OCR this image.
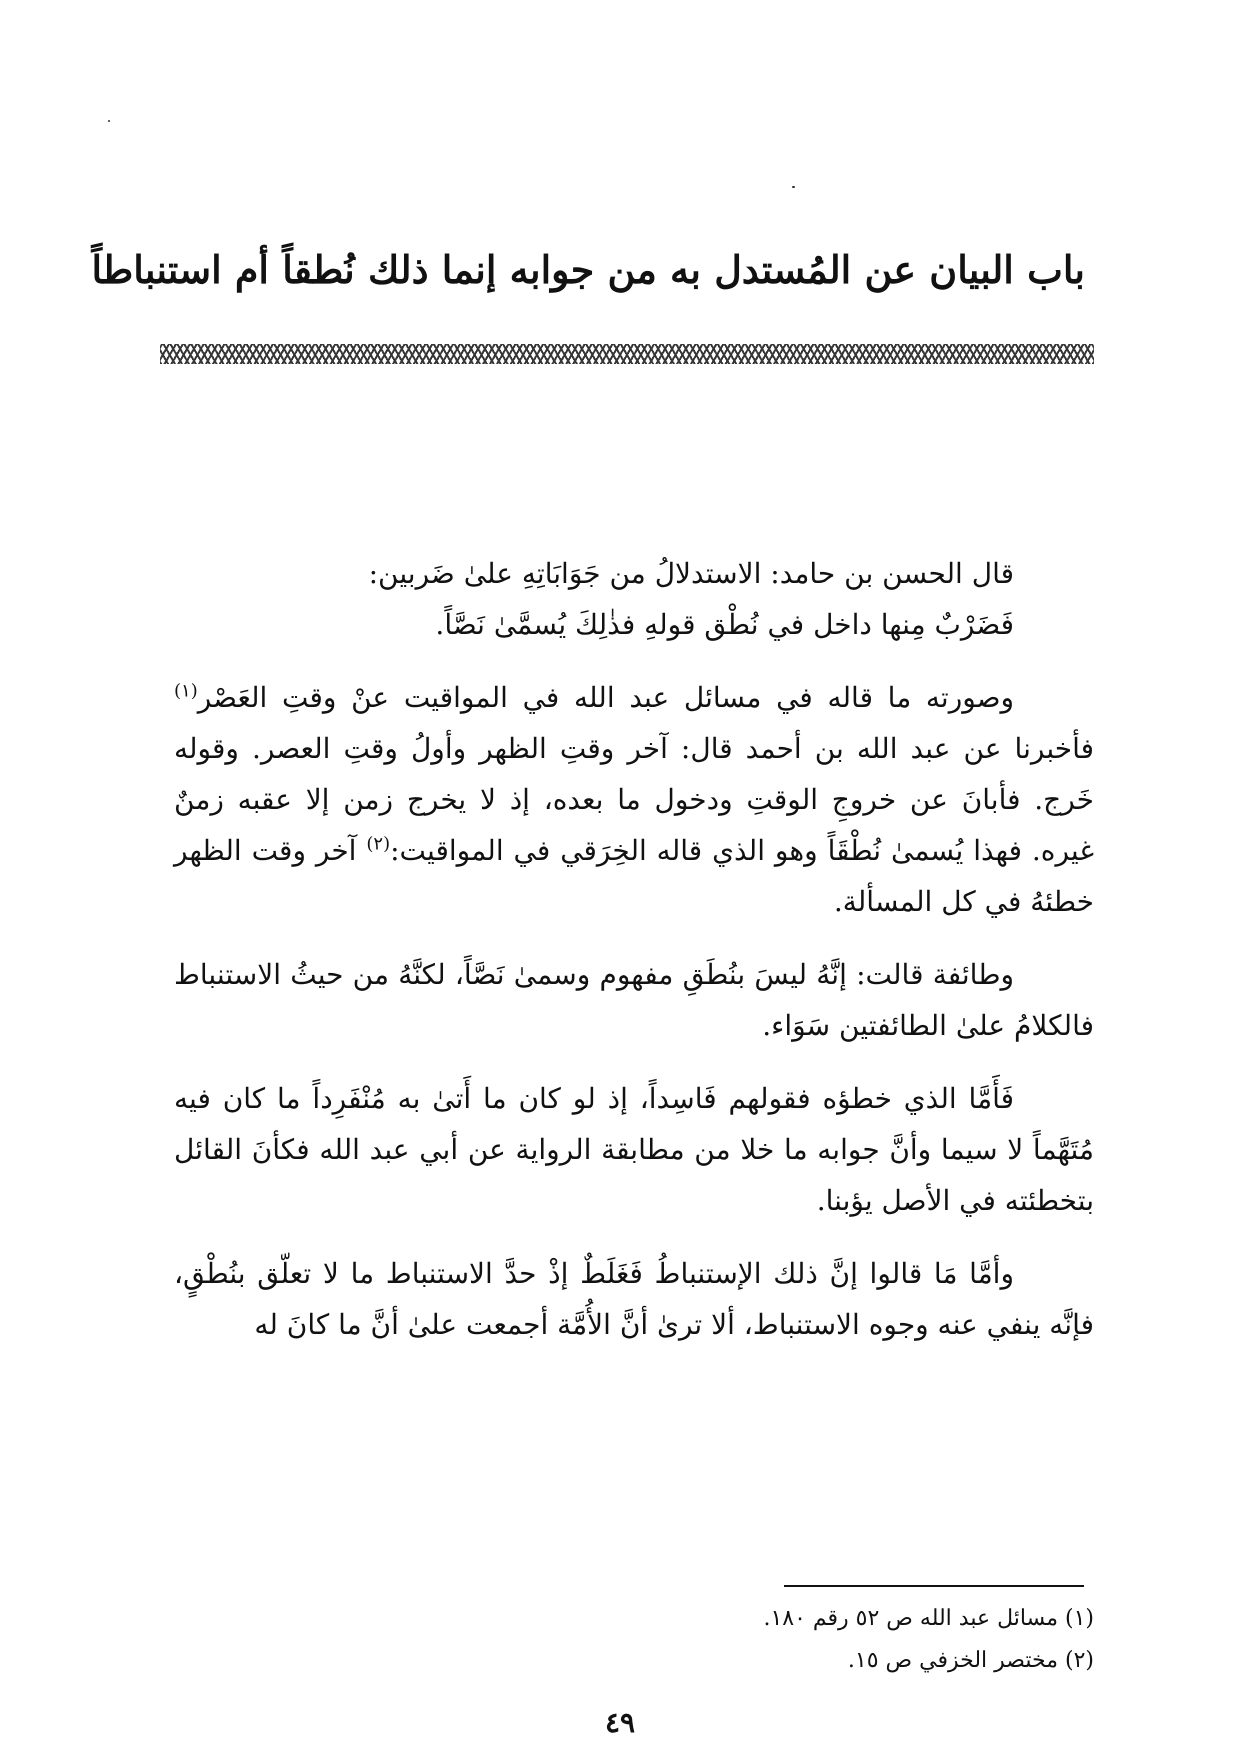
باب البيان عن المُستدل به من جوابه إنما ذلك نُطقاً أم استنباطاً

قال الحسن بن حامد: الاستدلالُ من جَوَابَاتِهِ علىٰ ضَربين:

فَضَرْبٌ مِنها داخل في نُطْق قولهِ فذٰلِكَ يُسمَّىٰ نَصَّاً.

وصورته ما قاله في مسائل عبد الله في المواقيت عنْ وقتِ العَصْر$^{(١)}$ فأخبرنا عن عبد الله بن أحمد قال: آخر وقتِ الظهر وأولُ وقتِ العصر. وقوله خَرج. فأبانَ عن خروجِ الوقتِ ودخول ما بعده، إذ لا يخرج زمن إلا عقبه زمنٌ غيره. فهذا يُسمىٰ نُطْقَاً وهو الذي قاله الخِرَقي في المواقيت:$^{(٢)}$ آخر وقت الظهر خطئهُ في كل المسألة.

وطائفة قالت: إنَّهُ ليسَ بنُطَقِ مفهوم وسمىٰ نَصَّاً، لكنَّهُ من حيثُ الاستنباط فالكلامُ علىٰ الطائفتين سَوَاء.

فَأَمَّا الذي خطؤه فقولهم فَاسِداً، إذ لو كان ما أَتىٰ به مُنْفَرِداً ما كان فيه مُتَهَّماً لا سيما وأنَّ جوابه ما خلا من مطابقة الرواية عن أبي عبد الله فكأنَ القائل بتخطئته في الأصل يؤبنا.

وأمَّا مَا قالوا إنَّ ذلك الإستنباطُ فَغَلَطٌ إذْ حدَّ الاستنباط ما لا تعلّق بنُطْقٍ، فإنَّه ينفي عنه وجوه الاستنباط، ألا ترىٰ أنَّ الأُمَّة أجمعت علىٰ أنَّ ما كانَ له

(١) مسائل عبد الله ص ٥٢ رقم ١٨٠.

(٢) مختصر الخزفي ص ١٥.

٤٩
